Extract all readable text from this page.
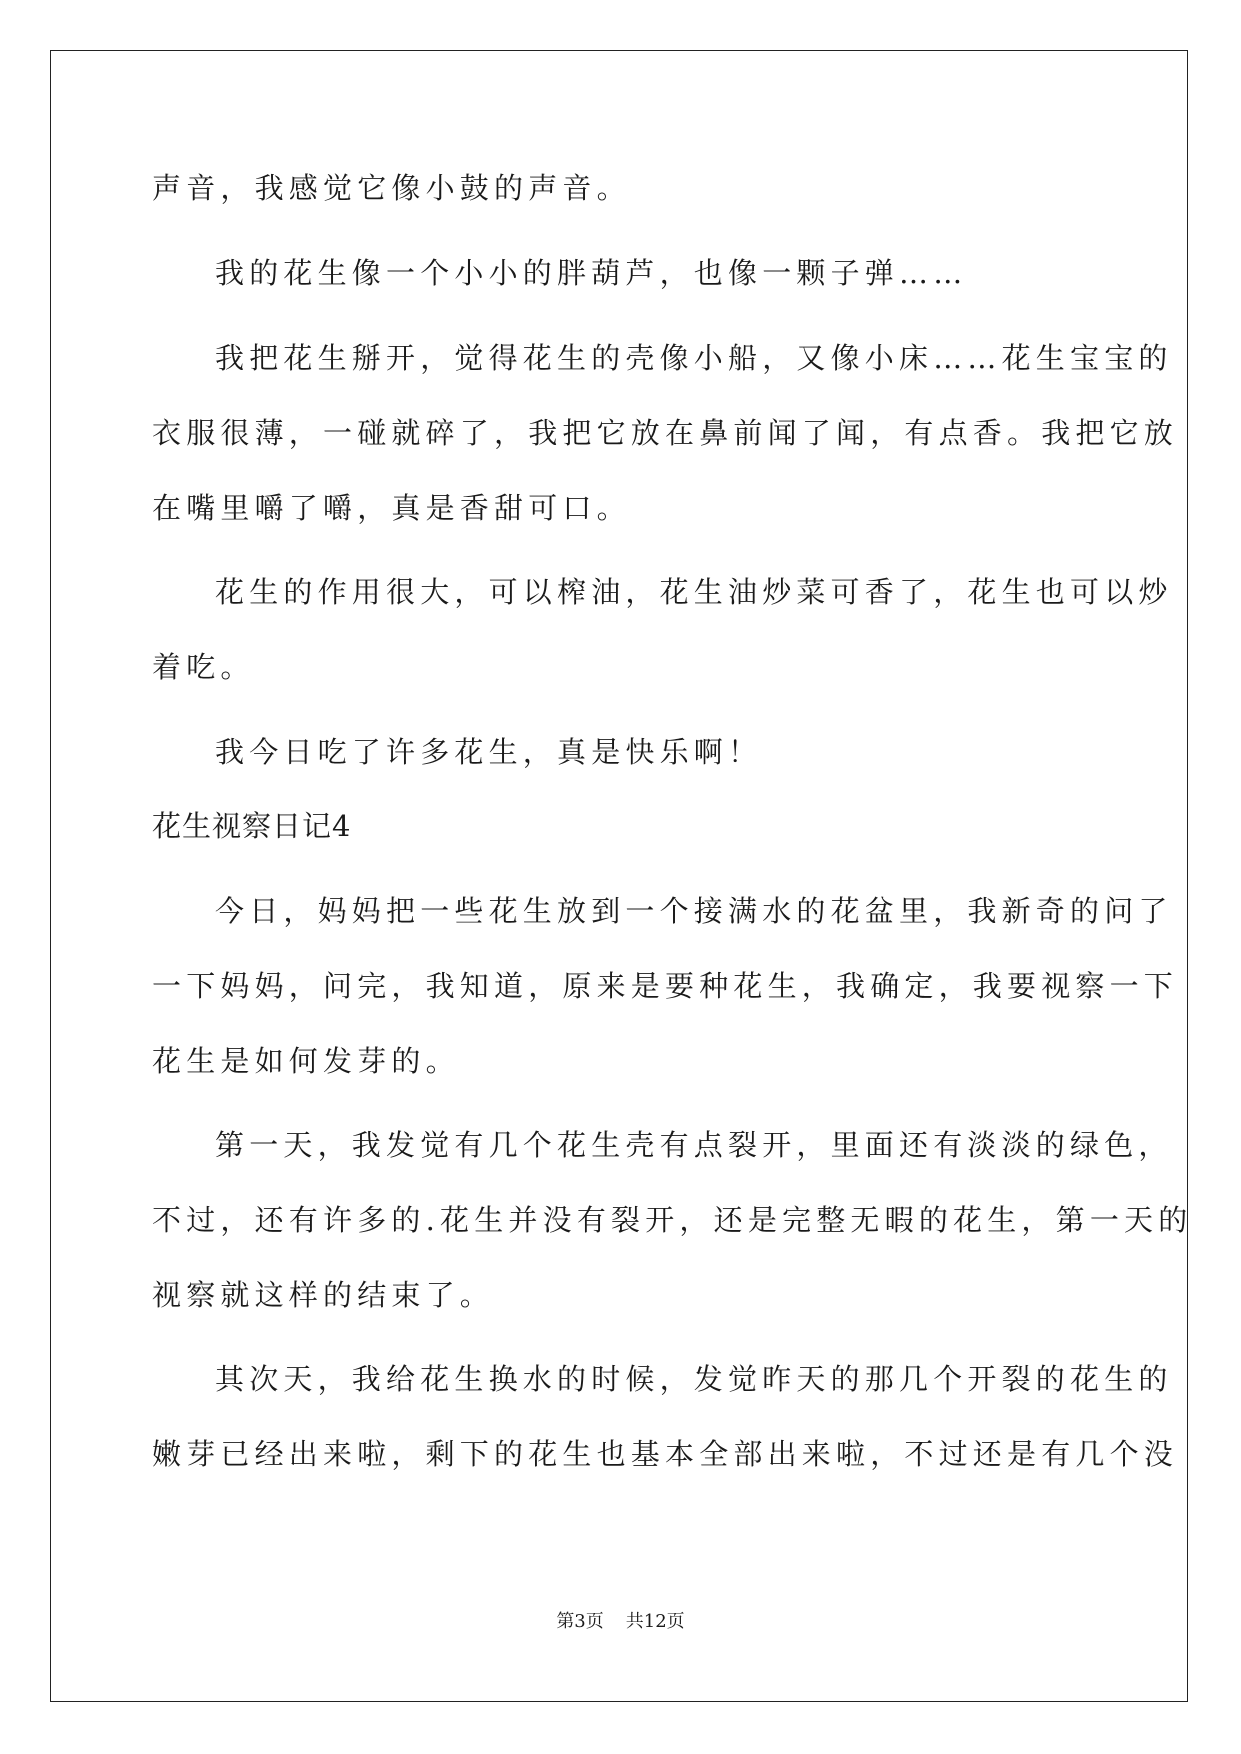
声音，我感觉它像小鼓的声音。
我的花生像一个小小的胖葫芦，也像一颗子弹……
我把花生掰开，觉得花生的壳像小船，又像小床……花生宝宝的
衣服很薄，一碰就碎了，我把它放在鼻前闻了闻，有点香。我把它放
在嘴里嚼了嚼，真是香甜可口。
花生的作用很大，可以榨油，花生油炒菜可香了，花生也可以炒
着吃。
我今日吃了许多花生，真是快乐啊！
花生视察日记4
今日，妈妈把一些花生放到一个接满水的花盆里，我新奇的问了
一下妈妈，问完，我知道，原来是要种花生，我确定，我要视察一下
花生是如何发芽的。
第一天，我发觉有几个花生壳有点裂开，里面还有淡淡的绿色，
不过，还有许多的.花生并没有裂开，还是完整无暇的花生，第一天的
视察就这样的结束了。
其次天，我给花生换水的时候，发觉昨天的那几个开裂的花生的
嫩芽已经出来啦，剩下的花生也基本全部出来啦，不过还是有几个没
第3页 共12页
